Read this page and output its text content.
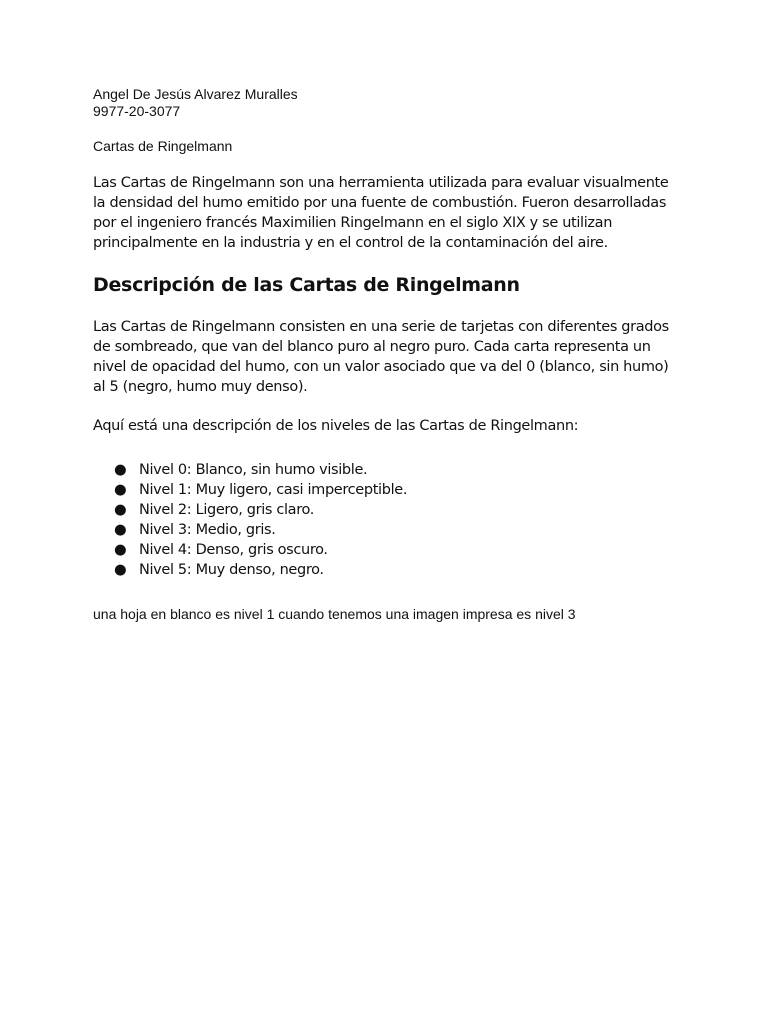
Angel De Jesús Alvarez Muralles

9977-20-3077

Cartas de Ringelmann

Las Cartas de Ringelmann son una herramienta utilizada para evaluar visualmente la densidad del humo emitido por una fuente de combustión. Fueron desarrolladas por el ingeniero francés Maximilien Ringelmann en el siglo XIX y se utilizan principalmente en la industria y en el control de la contaminación del aire.

Descripción de las Cartas de Ringelmann

Las Cartas de Ringelmann consisten en una serie de tarjetas con diferentes grados de sombreado, que van del blanco puro al negro puro. Cada carta representa un nivel de opacidad del humo, con un valor asociado que va del 0 (blanco, sin humo) al 5 (negro, humo muy denso).

Aquí está una descripción de los niveles de las Cartas de Ringelmann:

● Nivel 0: Blanco, sin humo visible.
● Nivel 1: Muy ligero, casi imperceptible.
● Nivel 2: Ligero, gris claro.
● Nivel 3: Medio, gris.
● Nivel 4: Denso, gris oscuro.
● Nivel 5: Muy denso, negro.

una hoja en blanco es nivel 1 cuando tenemos una imagen impresa es nivel 3
